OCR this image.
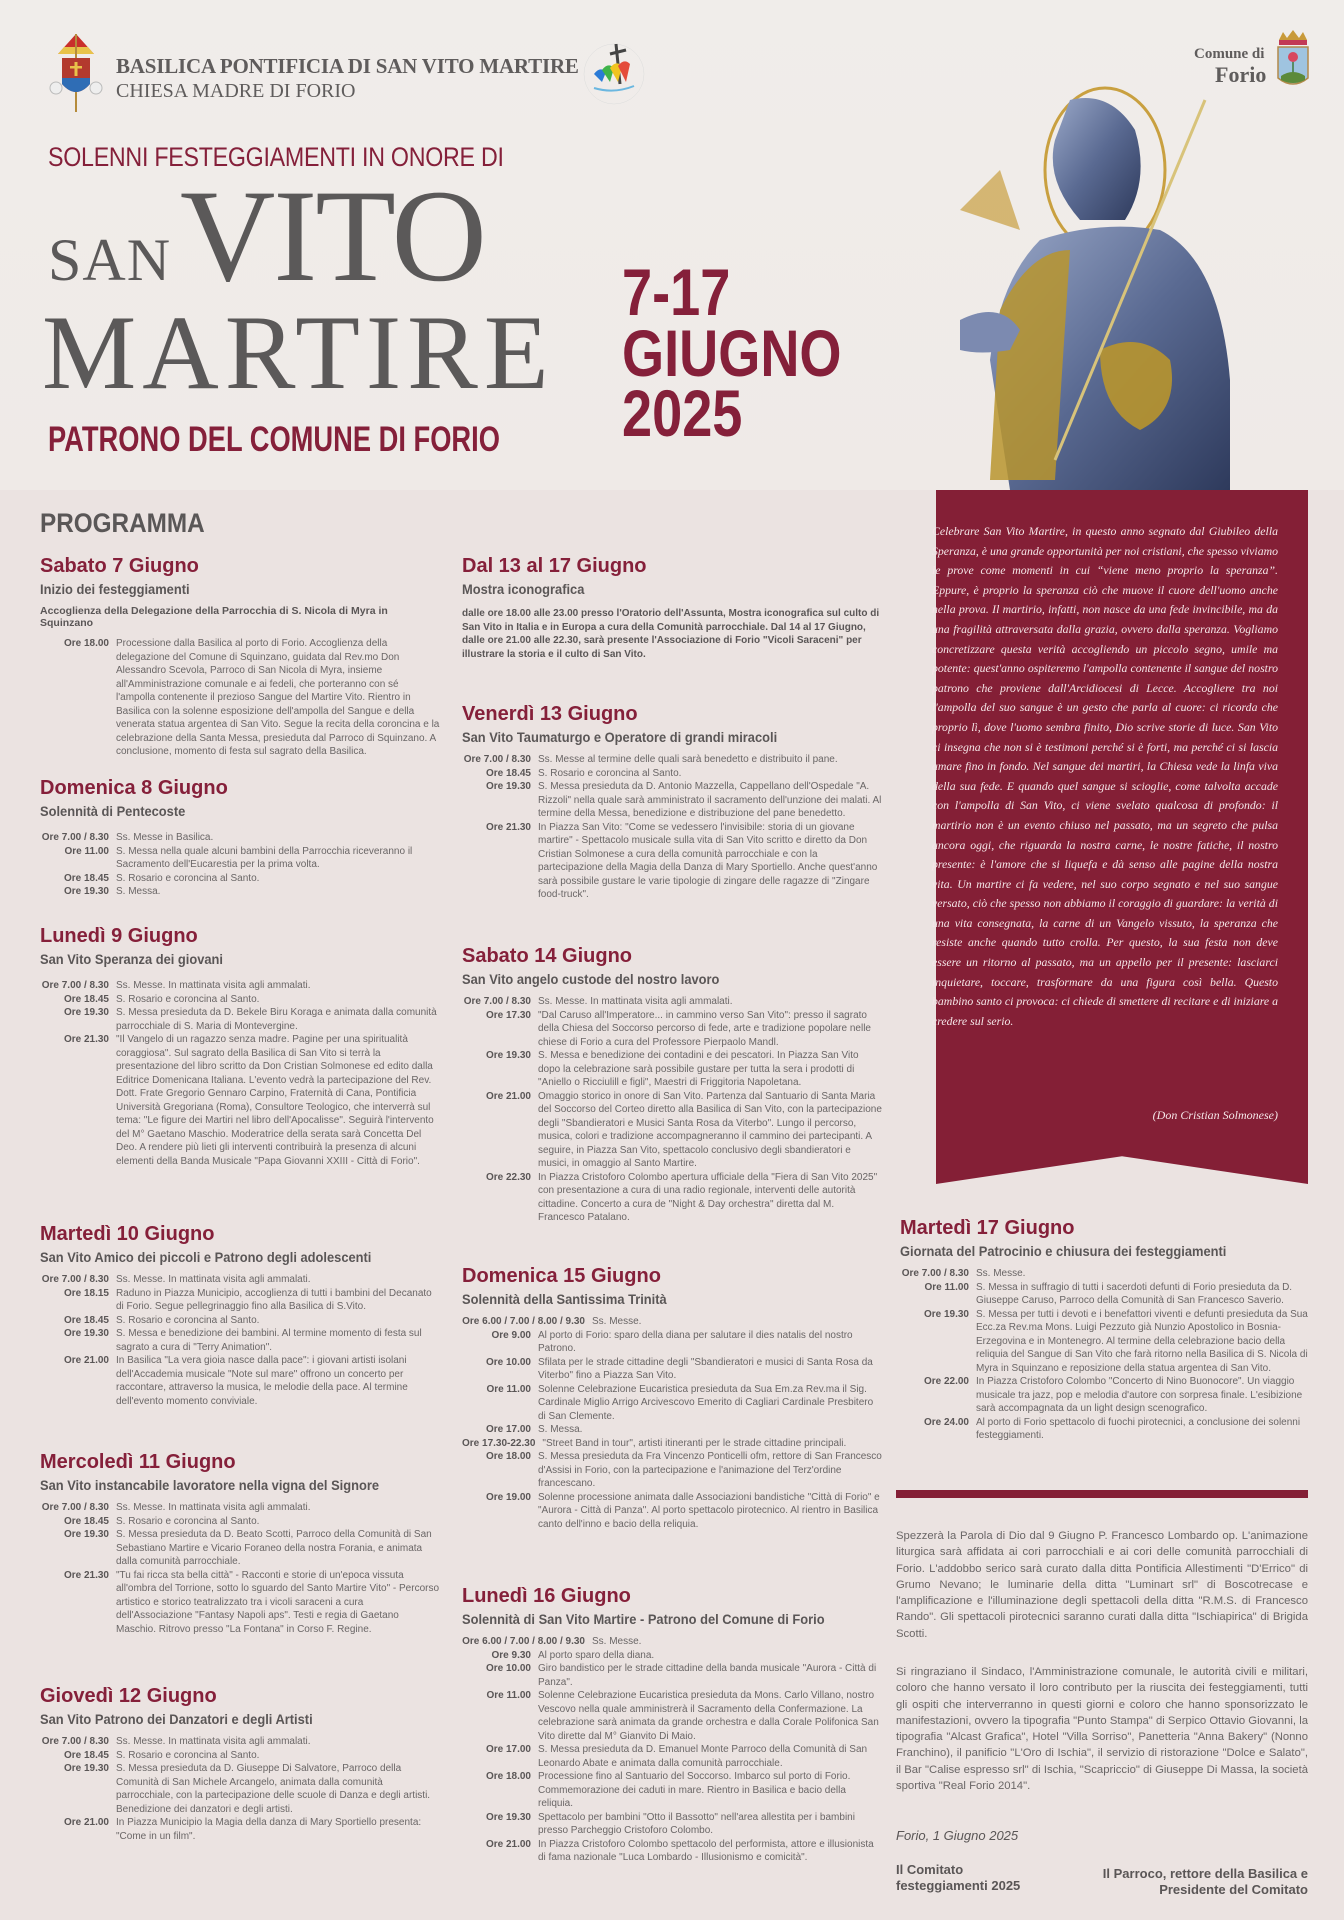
BASILICA PONTIFICIA DI SAN VITO MARTIRE
CHIESA MADRE DI FORIO
Comune di
Forio
SOLENNI FESTEGGIAMENTI IN ONORE DI
SAN VITO
MARTIRE
PATRONO DEL COMUNE DI FORIO
7-17
GIUGNO
2025
PROGRAMMA
Sabato 7 Giugno
Inizio dei festeggiamenti
Accoglienza della Delegazione della Parrocchia di S. Nicola di Myra in Squinzano
Ore 18.00 Processione dalla Basilica al porto di Forio. Accoglienza della delegazione del Comune di Squinzano, guidata dal Rev.mo Don Alessandro Scevola, Parroco di San Nicola di Myra, insieme all'Amministrazione comunale e ai fedeli, che porteranno con sé l'ampolla contenente il prezioso Sangue del Martire Vito. Rientro in Basilica con la solenne esposizione dell'ampolla del Sangue e della venerata statua argentea di San Vito. Segue la recita della coroncina e la celebrazione della Santa Messa, presieduta dal Parroco di Squinzano. A conclusione, momento di festa sul sagrato della Basilica.
Domenica 8 Giugno
Solennità di Pentecoste
Ore 7.00 / 8.30 Ss. Messe in Basilica.
Ore 11.00 S. Messa nella quale alcuni bambini della Parrocchia riceveranno il Sacramento dell'Eucarestia per la prima volta.
Ore 18.45 S. Rosario e coroncina al Santo.
Ore 19.30 S. Messa.
Lunedì 9 Giugno
San Vito Speranza dei giovani
Ore 7.00 / 8.30 Ss. Messe. In mattinata visita agli ammalati.
Ore 18.45 S. Rosario e coroncina al Santo.
Ore 19.30 S. Messa presieduta da D. Bekele Biru Koraga e animata dalla comunità parrocchiale di S. Maria di Montevergine.
Ore 21.30 "Il Vangelo di un ragazzo senza madre. Pagine per una spiritualità coraggiosa". Sul sagrato della Basilica di San Vito si terrà la presentazione del libro scritto da Don Cristian Solmonese ed edito dalla Editrice Domenicana Italiana. L'evento vedrà la partecipazione del Rev. Dott. Frate Gregorio Gennaro Carpino, Fraternità di Cana, Pontificia Università Gregoriana (Roma), Consultore Teologico, che interverrà sul tema: "Le figure dei Martiri nel libro dell'Apocalisse". Seguirà l'intervento del M° Gaetano Maschio. Moderatrice della serata sarà Concetta Del Deo. A rendere più lieti gli interventi contribuirà la presenza di alcuni elementi della Banda Musicale "Papa Giovanni XXIII - Città di Forio".
Martedì 10 Giugno
San Vito Amico dei piccoli e Patrono degli adolescenti
Ore 7.00 / 8.30 Ss. Messe. In mattinata visita agli ammalati.
Ore 18.15 Raduno in Piazza Municipio, accoglienza di tutti i bambini del Decanato di Forio. Segue pellegrinaggio fino alla Basilica di S.Vito.
Ore 18.45 S. Rosario e coroncina al Santo.
Ore 19.30 S. Messa e benedizione dei bambini. Al termine momento di festa sul sagrato a cura di "Terry Animation".
Ore 21.00 In Basilica "La vera gioia nasce dalla pace": i giovani artisti isolani dell'Accademia musicale "Note sul mare" offrono un concerto per raccontare, attraverso la musica, le melodie della pace. Al termine dell'evento momento conviviale.
Mercoledì 11 Giugno
San Vito instancabile lavoratore nella vigna del Signore
Ore 7.00 / 8.30 Ss. Messe. In mattinata visita agli ammalati.
Ore 18.45 S. Rosario e coroncina al Santo.
Ore 19.30 S. Messa presieduta da D. Beato Scotti, Parroco della Comunità di San Sebastiano Martire e Vicario Foraneo della nostra Forania, e animata dalla comunità parrocchiale.
Ore 21.30 "Tu fai ricca sta bella città" - Racconti e storie di un'epoca vissuta all'ombra del Torrione, sotto lo sguardo del Santo Martire Vito" - Percorso artistico e storico teatralizzato tra i vicoli saraceni a cura dell'Associazione "Fantasy Napoli aps". Testi e regia di Gaetano Maschio. Ritrovo presso "La Fontana" in Corso F. Regine.
Giovedì 12 Giugno
San Vito Patrono dei Danzatori e degli Artisti
Ore 7.00 / 8.30 Ss. Messe. In mattinata visita agli ammalati.
Ore 18.45 S. Rosario e coroncina al Santo.
Ore 19.30 S. Messa presieduta da D. Giuseppe Di Salvatore, Parroco della Comunità di San Michele Arcangelo, animata dalla comunità parrocchiale, con la partecipazione delle scuole di Danza e degli artisti. Benedizione dei danzatori e degli artisti.
Ore 21.00 In Piazza Municipio la Magia della danza di Mary Sportiello presenta: "Come in un film".
Dal 13 al 17 Giugno
Mostra iconografica
dalle ore 18.00 alle 23.00 presso l'Oratorio dell'Assunta, Mostra iconografica sul culto di San Vito in Italia e in Europa a cura della Comunità parrocchiale. Dal 14 al 17 Giugno, dalle ore 21.00 alle 22.30, sarà presente l'Associazione di Forio "Vicoli Saraceni" per illustrare la storia e il culto di San Vito.
Venerdì 13 Giugno
San Vito Taumaturgo e Operatore di grandi miracoli
Ore 7.00 / 8.30 Ss. Messe al termine delle quali sarà benedetto e distribuito il pane.
Ore 18.45 S. Rosario e coroncina al Santo.
Ore 19.30 S. Messa presieduta da D. Antonio Mazzella, Cappellano dell'Ospedale "A. Rizzoli" nella quale sarà amministrato il sacramento dell'unzione dei malati. Al termine della Messa, benedizione e distribuzione del pane benedetto.
Ore 21.30 In Piazza San Vito: "Come se vedessero l'invisibile: storia di un giovane martire" - Spettacolo musicale sulla vita di San Vito scritto e diretto da Don Cristian Solmonese a cura della comunità parrocchiale e con la partecipazione della Magia della Danza di Mary Sportiello. Anche quest'anno sarà possibile gustare le varie tipologie di zingare delle ragazze di "Zingare food-truck".
Sabato 14 Giugno
San Vito angelo custode del nostro lavoro
Ore 7.00 / 8.30 Ss. Messe. In mattinata visita agli ammalati.
Ore 17.30 "Dal Caruso all'Imperatore... in cammino verso San Vito": presso il sagrato della Chiesa del Soccorso percorso di fede, arte e tradizione popolare nelle chiese di Forio a cura del Professore Pierpaolo Mandl.
Ore 19.30 S. Messa e benedizione dei contadini e dei pescatori. In Piazza San Vito dopo la celebrazione sarà possibile gustare per tutta la sera i prodotti di "Aniello o Ricciulill e figli", Maestri di Friggitoria Napoletana.
Ore 21.00 Omaggio storico in onore di San Vito. Partenza dal Santuario di Santa Maria del Soccorso del Corteo diretto alla Basilica di San Vito, con la partecipazione degli "Sbandieratori e Musici Santa Rosa da Viterbo". Lungo il percorso, musica, colori e tradizione accompagneranno il cammino dei partecipanti. A seguire, in Piazza San Vito, spettacolo conclusivo degli sbandieratori e musici, in omaggio al Santo Martire.
Ore 22.30 In Piazza Cristoforo Colombo apertura ufficiale della "Fiera di San Vito 2025" con presentazione a cura di una radio regionale, interventi delle autorità cittadine. Concerto a cura de "Night & Day orchestra" diretta dal M. Francesco Patalano.
Domenica 15 Giugno
Solennità della Santissima Trinità
Ore 6.00 / 7.00 / 8.00 / 9.30 Ss. Messe.
Ore 9.00 Al porto di Forio: sparo della diana per salutare il dies natalis del nostro Patrono.
Ore 10.00 Sfilata per le strade cittadine degli "Sbandieratori e musici di Santa Rosa da Viterbo" fino a Piazza San Vito.
Ore 11.00 Solenne Celebrazione Eucaristica presieduta da Sua Em.za Rev.ma il Sig. Cardinale Miglio Arrigo Arcivescovo Emerito di Cagliari Cardinale Presbitero di San Clemente.
Ore 17.00 S. Messa.
Ore 17.30-22.30 "Street Band in tour", artisti itineranti per le strade cittadine principali.
Ore 18.00 S. Messa presieduta da Fra Vincenzo Ponticelli ofm, rettore di San Francesco d'Assisi in Forio, con la partecipazione e l'animazione del Terz'ordine francescano.
Ore 19.00 Solenne processione animata dalle Associazioni bandistiche "Città di Forio" e "Aurora - Città di Panza". Al porto spettacolo pirotecnico. Al rientro in Basilica canto dell'inno e bacio della reliquia.
Lunedì 16 Giugno
Solennità di San Vito Martire - Patrono del Comune di Forio
Ore 6.00 / 7.00 / 8.00 / 9.30 Ss. Messe.
Ore 9.30 Al porto sparo della diana.
Ore 10.00 Giro bandistico per le strade cittadine della banda musicale "Aurora - Città di Panza".
Ore 11.00 Solenne Celebrazione Eucaristica presieduta da Mons. Carlo Villano, nostro Vescovo nella quale amministrerà il Sacramento della Confermazione. La celebrazione sarà animata da grande orchestra e dalla Corale Polifonica San Vito dirette dal M° Gianvito Di Maio.
Ore 17.00 S. Messa presieduta da D. Emanuel Monte Parroco della Comunità di San Leonardo Abate e animata dalla comunità parrocchiale.
Ore 18.00 Processione fino al Santuario del Soccorso. Imbarco sul porto di Forio. Commemorazione dei caduti in mare. Rientro in Basilica e bacio della reliquia.
Ore 19.30 Spettacolo per bambini "Otto il Bassotto" nell'area allestita per i bambini presso Parcheggio Cristoforo Colombo.
Ore 21.00 In Piazza Cristoforo Colombo spettacolo del performista, attore e illusionista di fama nazionale "Luca Lombardo - Illusionismo e comicità".
Celebrare San Vito Martire, in questo anno segnato dal Giubileo della Speranza, è una grande opportunità per noi cristiani, che spesso viviamo le prove come momenti in cui “viene meno proprio la speranza”. Eppure, è proprio la speranza ciò che muove il cuore dell'uomo anche nella prova. Il martirio, infatti, non nasce da una fede invincibile, ma da una fragilità attraversata dalla grazia, ovvero dalla speranza. Vogliamo concretizzare questa verità accogliendo un piccolo segno, umile ma potente: quest'anno ospiteremo l'ampolla contenente il sangue del nostro patrono che proviene dall'Arcidiocesi di Lecce. Accogliere tra noi l'ampolla del suo sangue è un gesto che parla al cuore: ci ricorda che proprio lì, dove l'uomo sembra finito, Dio scrive storie di luce. San Vito ci insegna che non si è testimoni perché si è forti, ma perché ci si lascia amare fino in fondo. Nel sangue dei martiri, la Chiesa vede la linfa viva della sua fede. E quando quel sangue si scioglie, come talvolta accade con l'ampolla di San Vito, ci viene svelato qualcosa di profondo: il martirio non è un evento chiuso nel passato, ma un segreto che pulsa ancora oggi, che riguarda la nostra carne, le nostre fatiche, il nostro presente: è l'amore che si liquefa e dà senso alle pagine della nostra vita. Un martire ci fa vedere, nel suo corpo segnato e nel suo sangue versato, ciò che spesso non abbiamo il coraggio di guardare: la verità di una vita consegnata, la carne di un Vangelo vissuto, la speranza che resiste anche quando tutto crolla. Per questo, la sua festa non deve essere un ritorno al passato, ma un appello per il presente: lasciarci inquietare, toccare, trasformare da una figura così bella. Questo bambino santo ci provoca: ci chiede di smettere di recitare e di iniziare a credere sul serio.
(Don Cristian Solmonese)
Martedì 17 Giugno
Giornata del Patrocinio e chiusura dei festeggiamenti
Ore 7.00 / 8.30 Ss. Messe.
Ore 11.00 S. Messa in suffragio di tutti i sacerdoti defunti di Forio presieduta da D. Giuseppe Caruso, Parroco della Comunità di San Francesco Saverio.
Ore 19.30 S. Messa per tutti i devoti e i benefattori viventi e defunti presieduta da Sua Ecc.za Rev.ma Mons. Luigi Pezzuto già Nunzio Apostolico in Bosnia-Erzegovina e in Montenegro. Al termine della celebrazione bacio della reliquia del Sangue di San Vito che farà ritorno nella Basilica di S. Nicola di Myra in Squinzano e reposizione della statua argentea di San Vito.
Ore 22.00 In Piazza Cristoforo Colombo "Concerto di Nino Buonocore". Un viaggio musicale tra jazz, pop e melodia d'autore con sorpresa finale. L'esibizione sarà accompagnata da un light design scenografico.
Ore 24.00 Al porto di Forio spettacolo di fuochi pirotecnici, a conclusione dei solenni festeggiamenti.
Spezzerà la Parola di Dio dal 9 Giugno P. Francesco Lombardo op. L'animazione liturgica sarà affidata ai cori parrocchiali e ai cori delle comunità parrocchiali di Forio. L'addobbo serico sarà curato dalla ditta Pontificia Allestimenti "D'Errico" di Grumo Nevano; le luminarie della ditta "Luminart srl" di Boscotrecase e l'amplificazione e l'illuminazione degli spettacoli della ditta "R.M.S. di Francesco Rando". Gli spettacoli pirotecnici saranno curati dalla ditta "Ischiapirica" di Brigida Scotti.
Si ringraziano il Sindaco, l'Amministrazione comunale, le autorità civili e militari, coloro che hanno versato il loro contributo per la riuscita dei festeggiamenti, tutti gli ospiti che interverranno in questi giorni e coloro che hanno sponsorizzato le manifestazioni, ovvero la tipografia "Punto Stampa" di Serpico Ottavio Giovanni, la tipografia "Alcast Grafica", Hotel "Villa Sorriso", Panetteria "Anna Bakery" (Nonno Franchino), il panificio "L'Oro di Ischia", il servizio di ristorazione "Dolce e Salato", il Bar "Calise espresso srl" di Ischia, "Scapriccio" di Giuseppe Di Massa, la società sportiva "Real Forio 2014".
Forio, 1 Giugno 2025
Il Comitato
festeggiamenti 2025
Il Parroco, rettore della Basilica e
Presidente del Comitato
